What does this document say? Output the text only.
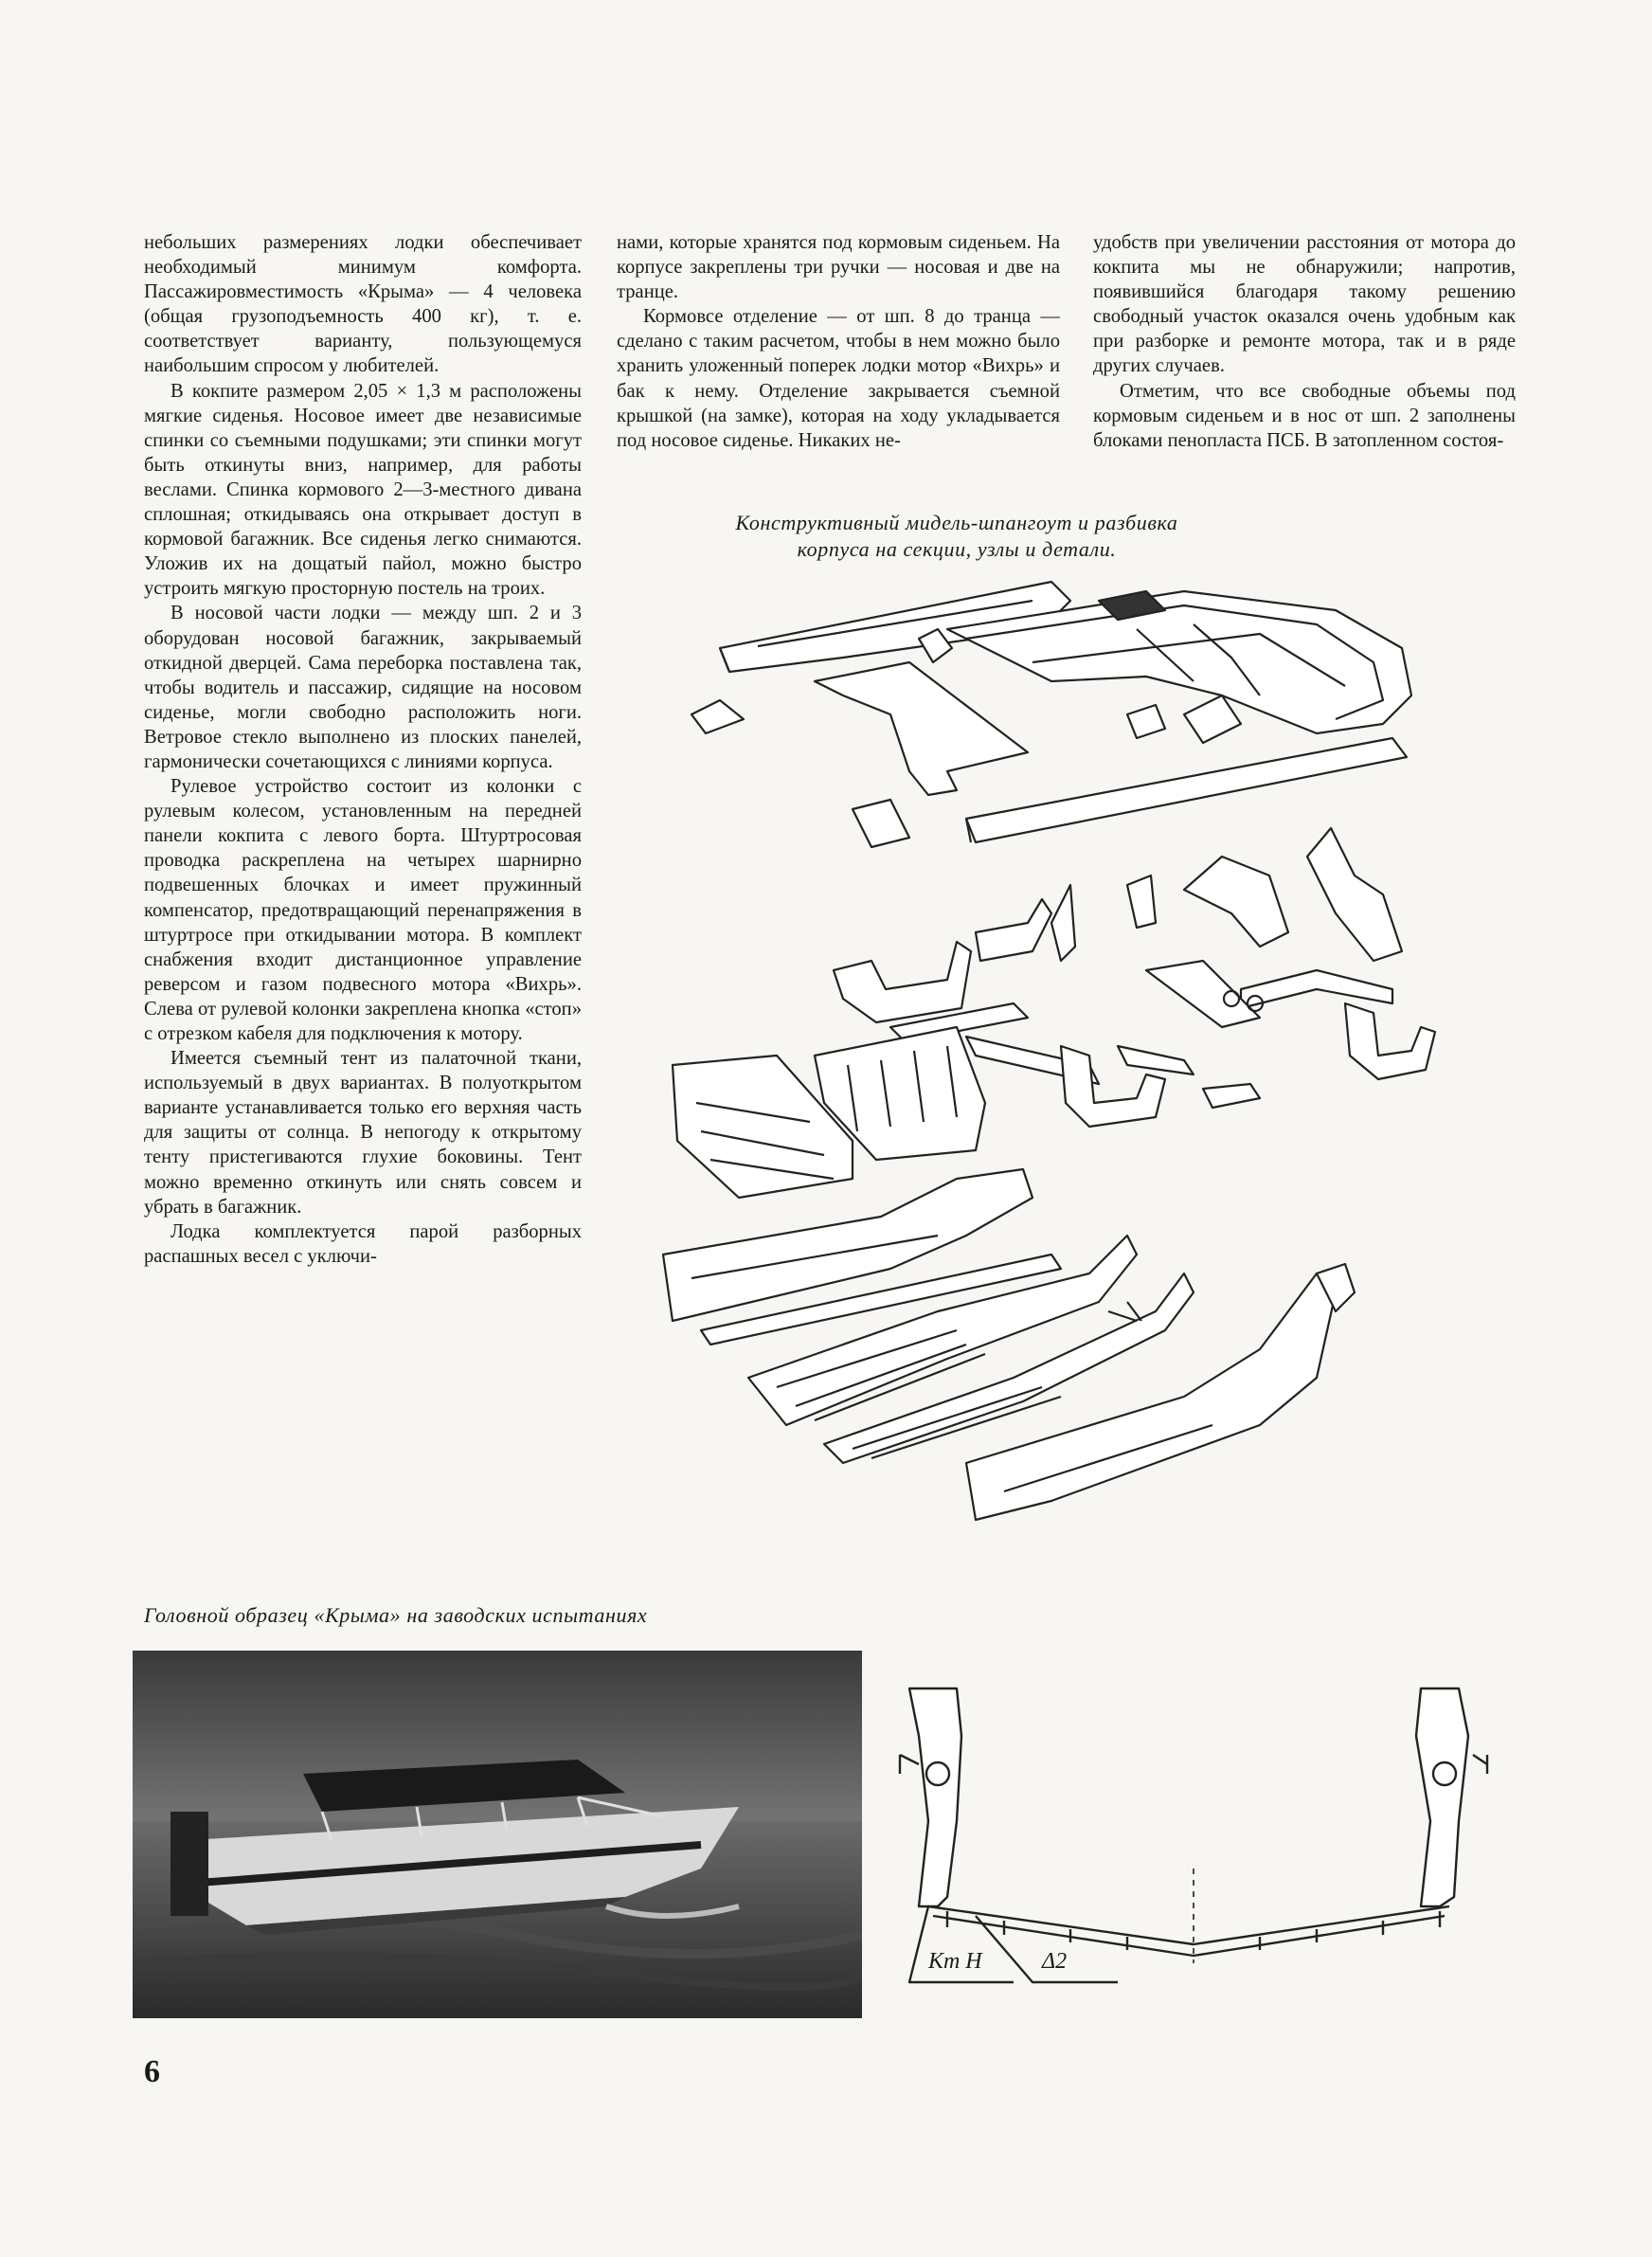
небольших размерениях лодки обеспечивает необходимый минимум комфорта. Пассажировместимость «Крыма» — 4 человека (общая грузоподъемность 400 кг), т. е. соответствует варианту, пользующемуся наибольшим спросом у любителей.

В кокпите размером 2,05 × 1,3 м расположены мягкие сиденья. Носовое имеет две независимые спинки со съемными подушками; эти спинки могут быть откинуты вниз, например, для работы веслами. Спинка кормового 2—3-местного дивана сплошная; откидываясь она открывает доступ в кормовой багажник. Все сиденья легко снимаются. Уложив их на дощатый пайол, можно быстро устроить мягкую просторную постель на троих.

В носовой части лодки — между шп. 2 и 3 оборудован носовой багажник, закрываемый откидной дверцей. Сама переборка поставлена так, чтобы водитель и пассажир, сидящие на носовом сиденье, могли свободно расположить ноги. Ветровое стекло выполнено из плоских панелей, гармонически сочетающихся с линиями корпуса.

Рулевое устройство состоит из колонки с рулевым колесом, установленным на передней панели кокпита с левого борта. Штуртросовая проводка раскреплена на четырех шарнирно подвешенных блочках и имеет пружинный компенсатор, предотвращающий перенапряжения в штуртросе при откидывании мотора. В комплект снабжения входит дистанционное управление реверсом и газом подвесного мотора «Вихрь». Слева от рулевой колонки закреплена кнопка «стоп» с отрезком кабеля для подключения к мотору.

Имеется съемный тент из палаточной ткани, используемый в двух вариантах. В полуоткрытом варианте устанавливается только его верхняя часть для защиты от солнца. В непогоду к открытому тенту пристегиваются глухие боковины. Тент можно временно откинуть или снять совсем и убрать в багажник.

Лодка комплектуется парой разборных распашных весел с уключи-

нами, которые хранятся под кормовым сиденьем. На корпусе закреплены три ручки — носовая и две на транце.

Кормовсе отделение — от шп. 8 до транца — сделано с таким расчетом, чтобы в нем можно было хранить уложенный поперек лодки мотор «Вихрь» и бак к нему. Отделение закрывается съемной крышкой (на замке), которая на ходу укладывается под носовое сиденье. Никаких не-

удобств при увеличении расстояния от мотора до кокпита мы не обнаружили; напротив, появившийся благодаря такому решению свободный участок оказался очень удобным как при разборке и ремонте мотора, так и в ряде других случаев.

Отметим, что все свободные объемы под кормовым сиденьем и в нос от шп. 2 заполнены блоками пенопласта ПСБ. В затопленном состоя-

Конструктивный мидель-шпангоут и разбивка
корпуса на секции, узлы и детали.
Головной образец «Крыма» на заводских испытаниях
Кт Н	Δ2
6
